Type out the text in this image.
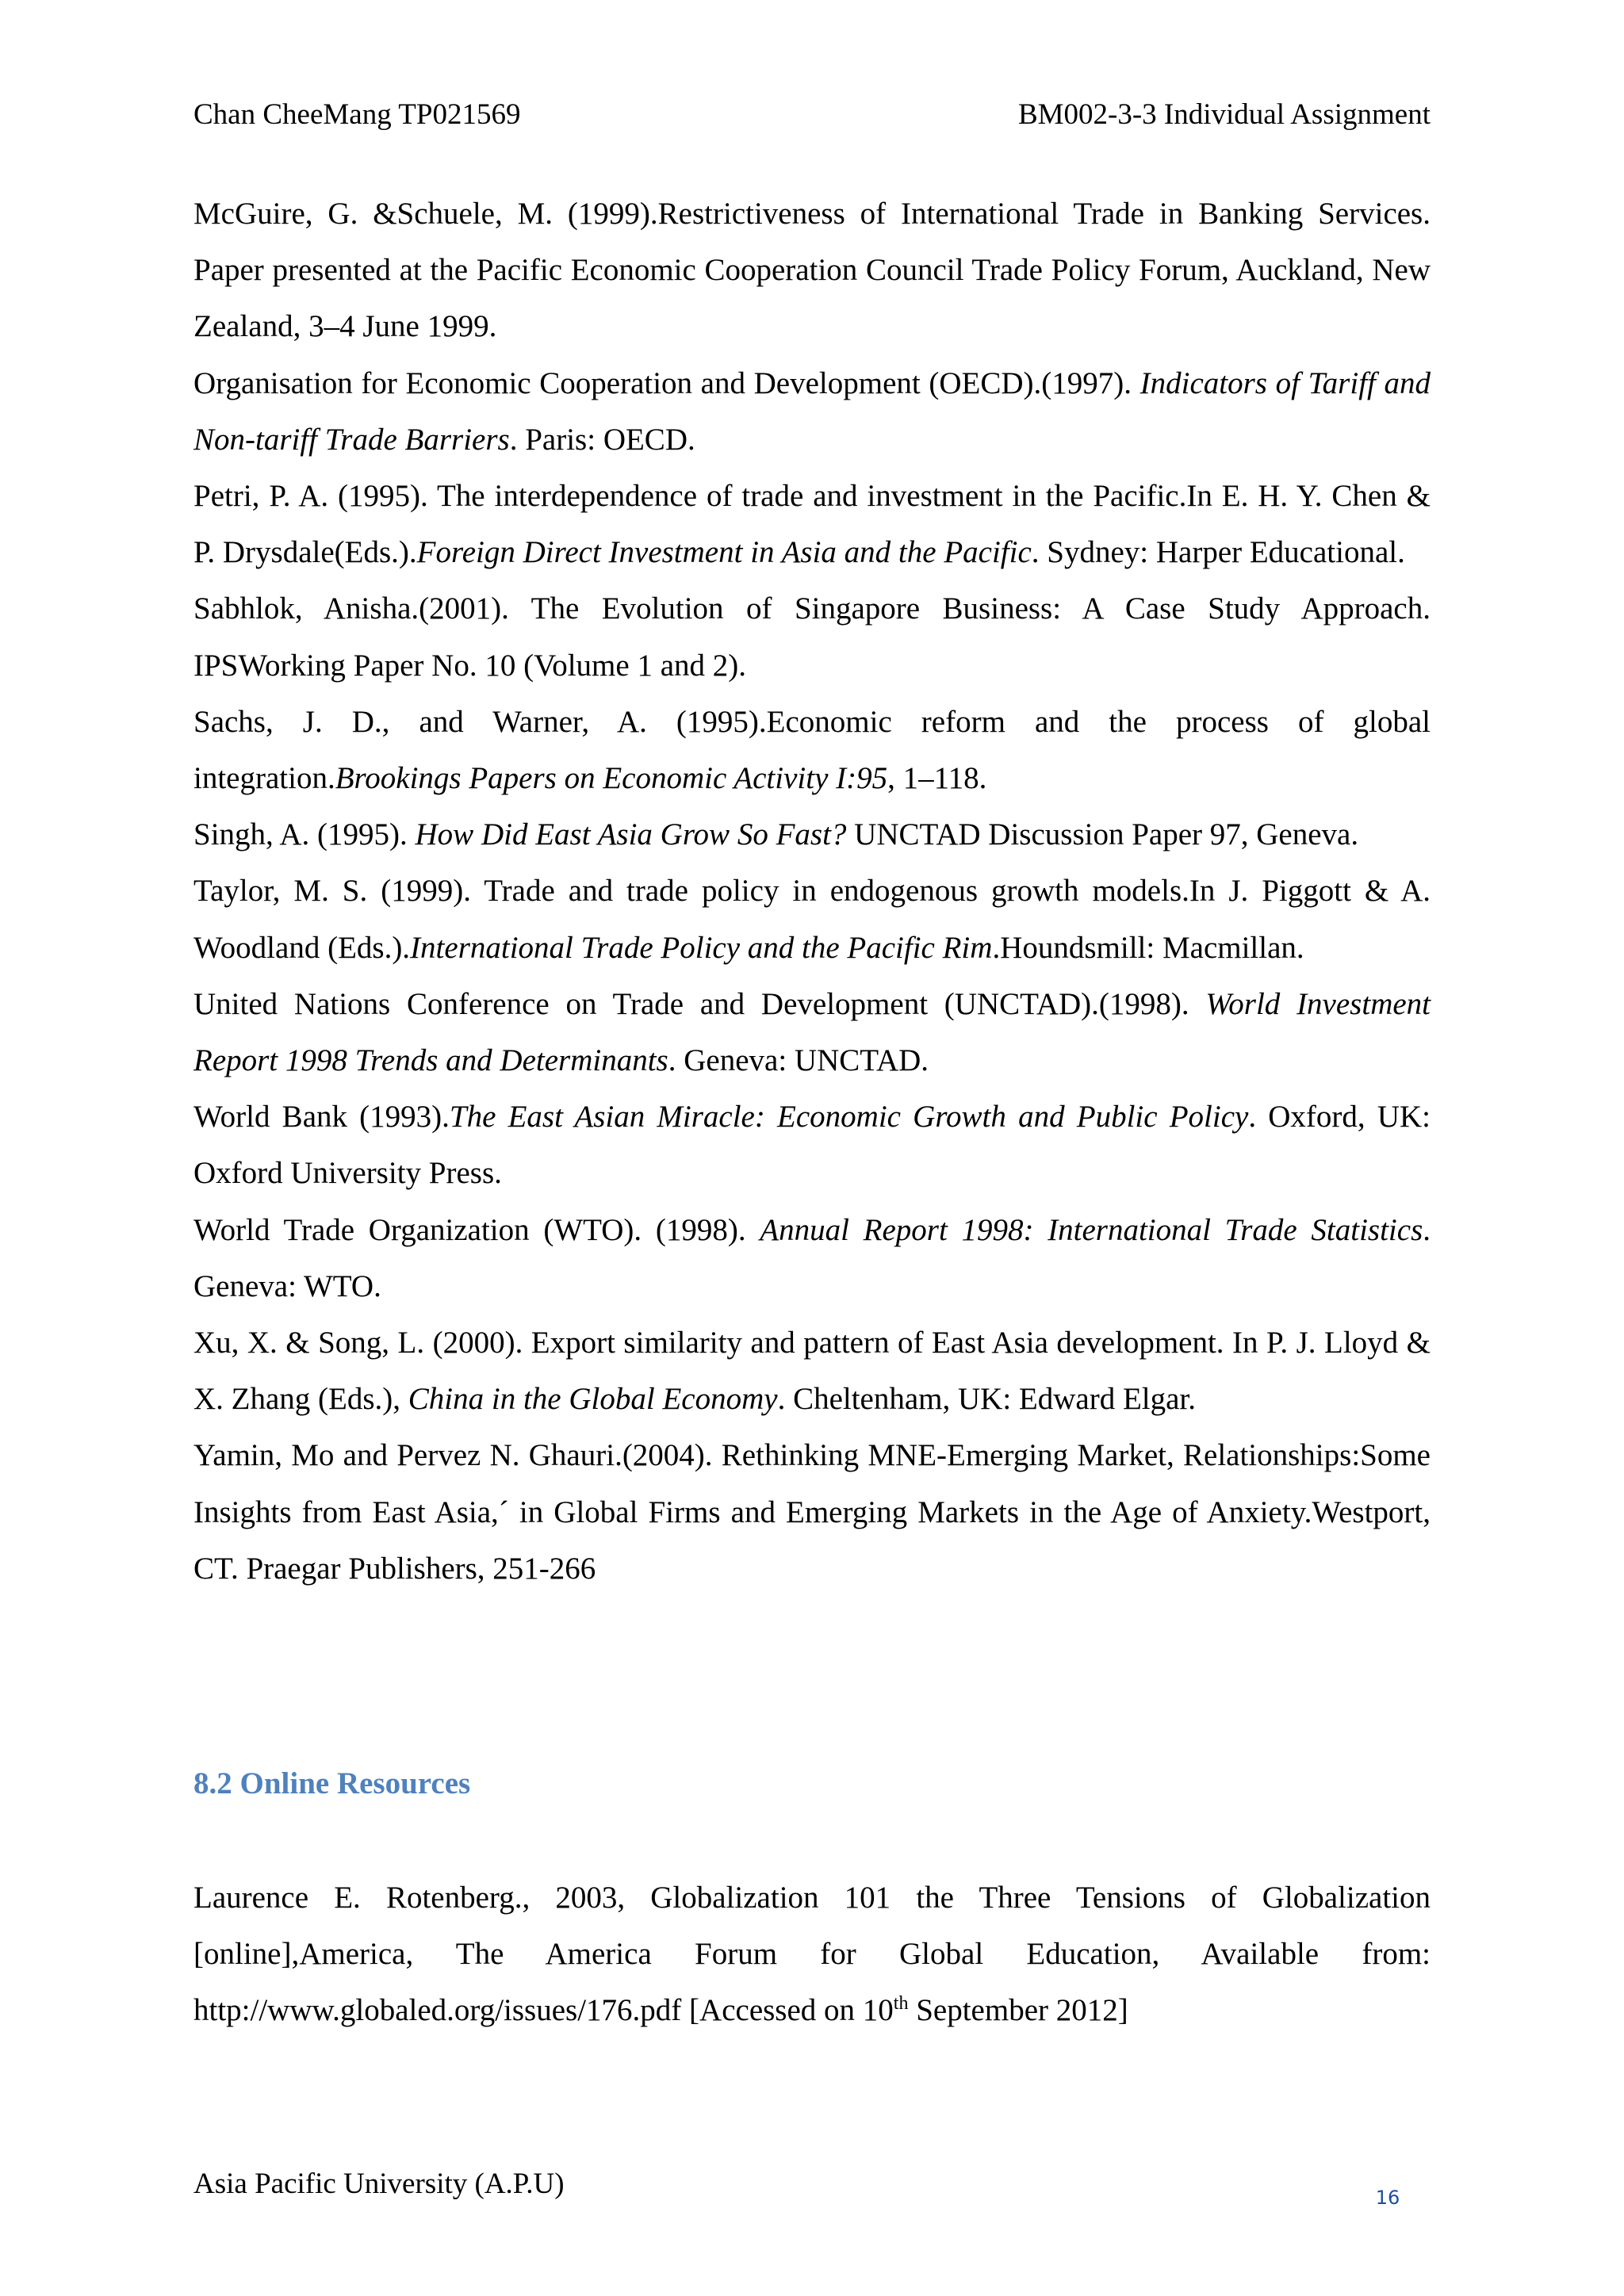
Chan CheeMang TP021569	BM002-3-3 Individual Assignment
McGuire, G. &Schuele, M. (1999).Restrictiveness of International Trade in Banking Services. Paper presented at the Pacific Economic Cooperation Council Trade Policy Forum, Auckland, New Zealand, 3–4 June 1999.
Organisation for Economic Cooperation and Development (OECD).(1997). Indicators of Tariff and Non-tariff Trade Barriers. Paris: OECD.
Petri, P. A. (1995). The interdependence of trade and investment in the Pacific.In E. H. Y. Chen & P. Drysdale(Eds.).Foreign Direct Investment in Asia and the Pacific. Sydney: Harper Educational.
Sabhlok, Anisha.(2001). The Evolution of Singapore Business: A Case Study Approach. IPSWorking Paper No. 10 (Volume 1 and 2).
Sachs, J. D., and Warner, A. (1995).Economic reform and the process of global integration.Brookings Papers on Economic Activity I:95, 1–118.
Singh, A. (1995). How Did East Asia Grow So Fast? UNCTAD Discussion Paper 97, Geneva.
Taylor, M. S. (1999). Trade and trade policy in endogenous growth models.In J. Piggott & A. Woodland (Eds.).International Trade Policy and the Pacific Rim.Houndsmill: Macmillan.
United Nations Conference on Trade and Development (UNCTAD).(1998). World Investment Report 1998 Trends and Determinants. Geneva: UNCTAD.
World Bank (1993).The East Asian Miracle: Economic Growth and Public Policy. Oxford, UK: Oxford University Press.
World Trade Organization (WTO). (1998). Annual Report 1998: International Trade Statistics. Geneva: WTO.
Xu, X. & Song, L. (2000). Export similarity and pattern of East Asia development. In P. J. Lloyd & X. Zhang (Eds.), China in the Global Economy. Cheltenham, UK: Edward Elgar.
Yamin, Mo and Pervez N. Ghauri.(2004). Rethinking MNE-Emerging Market, Relationships:Some Insights from East Asia,´ in Global Firms and Emerging Markets in the Age of Anxiety.Westport, CT. Praegar Publishers, 251-266
8.2 Online Resources
Laurence E. Rotenberg., 2003, Globalization 101 the Three Tensions of Globalization [online],America, The America Forum for Global Education, Available from: http://www.globaled.org/issues/176.pdf [Accessed on 10th September 2012]
Asia Pacific University (A.P.U)	16
